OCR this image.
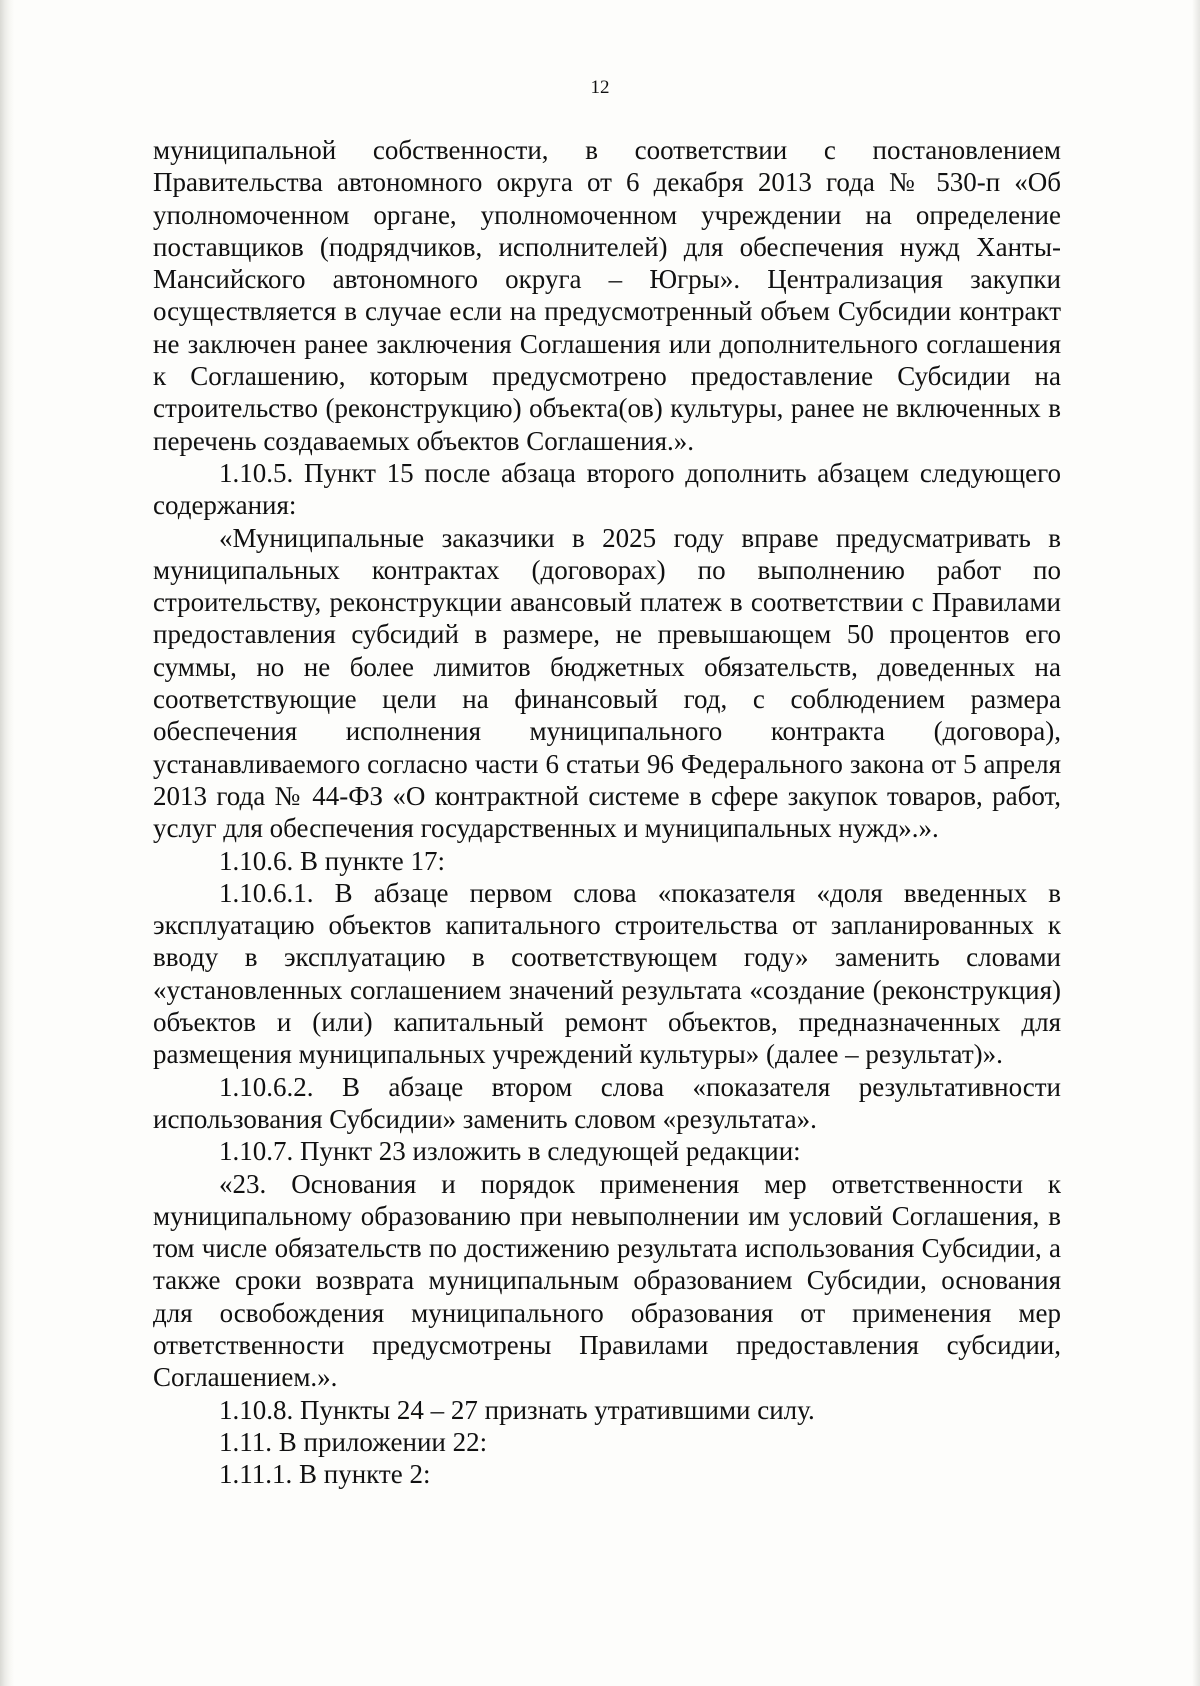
12

муниципальной собственности, в соответствии с постановлением Правительства автономного округа от 6 декабря 2013 года № 530-п «Об уполномоченном органе, уполномоченном учреждении на определение поставщиков (подрядчиков, исполнителей) для обеспечения нужд Ханты-Мансийского автономного округа – Югры». Централизация закупки осуществляется в случае если на предусмотренный объем Субсидии контракт не заключен ранее заключения Соглашения или дополнительного соглашения к Соглашению, которым предусмотрено предоставление Субсидии на строительство (реконструкцию) объекта(ов) культуры, ранее не включенных в перечень создаваемых объектов Соглашения.».

1.10.5. Пункт 15 после абзаца второго дополнить абзацем следующего содержания:

«Муниципальные заказчики в 2025 году вправе предусматривать в муниципальных контрактах (договорах) по выполнению работ по строительству, реконструкции авансовый платеж в соответствии с Правилами предоставления субсидий в размере, не превышающем 50 процентов его суммы, но не более лимитов бюджетных обязательств, доведенных на соответствующие цели на финансовый год, с соблюдением размера обеспечения исполнения муниципального контракта (договора), устанавливаемого согласно части 6 статьи 96 Федерального закона от 5 апреля 2013 года № 44-ФЗ «О контрактной системе в сфере закупок товаров, работ, услуг для обеспечения государственных и муниципальных нужд».».

1.10.6. В пункте 17:

1.10.6.1. В абзаце первом слова «показателя «доля введенных в эксплуатацию объектов капитального строительства от запланированных к вводу в эксплуатацию в соответствующем году» заменить словами «установленных соглашением значений результата «создание (реконструкция) объектов и (или) капитальный ремонт объектов, предназначенных для размещения муниципальных учреждений культуры» (далее – результат)».

1.10.6.2. В абзаце втором слова «показателя результативности использования Субсидии» заменить словом «результата».

1.10.7. Пункт 23 изложить в следующей редакции:

«23. Основания и порядок применения мер ответственности к муниципальному образованию при невыполнении им условий Соглашения, в том числе обязательств по достижению результата использования Субсидии, а также сроки возврата муниципальным образованием Субсидии, основания для освобождения муниципального образования от применения мер ответственности предусмотрены Правилами предоставления субсидии, Соглашением.».

1.10.8. Пункты 24 – 27 признать утратившими силу.

1.11. В приложении 22:

1.11.1. В пункте 2:
